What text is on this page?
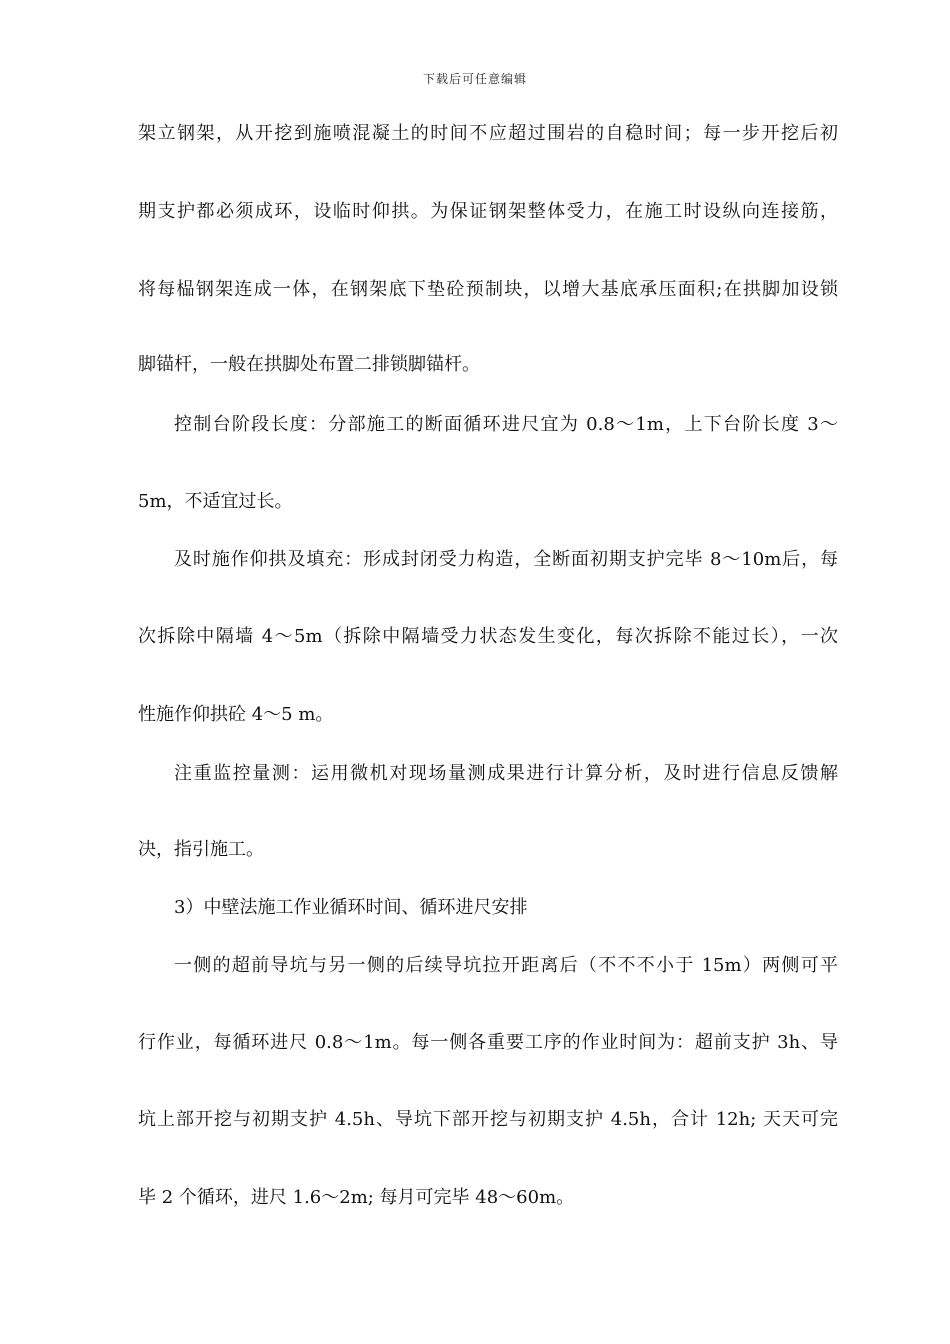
下载后可任意编辑
架立钢架，从开挖到施喷混凝土的时间不应超过围岩的自稳时间；每一步开挖后初
期支护都必须成环，设临时仰拱。为保证钢架整体受力，在施工时设纵向连接筋，
将每榀钢架连成一体，在钢架底下垫砼预制块，以增大基底承压面积;在拱脚加设锁
脚锚杆，一般在拱脚处布置二排锁脚锚杆。
控制台阶段长度：分部施工的断面循环进尺宜为 0.8～1m，上下台阶长度 3～
5m，不适宜过长。
及时施作仰拱及填充：形成封闭受力构造，全断面初期支护完毕 8～10m后，每
次拆除中隔墙 4～5m（拆除中隔墙受力状态发生变化，每次拆除不能过长），一次
性施作仰拱砼 4～5 m。
注重监控量测：运用微机对现场量测成果进行计算分析，及时进行信息反馈解
决，指引施工。
3）中壁法施工作业循环时间、循环进尺安排
一侧的超前导坑与另一侧的后续导坑拉开距离后（不不不小于 15m）两侧可平
行作业，每循环进尺 0.8～1m。每一侧各重要工序的作业时间为：超前支护 3h、导
坑上部开挖与初期支护 4.5h、导坑下部开挖与初期支护 4.5h，合计 12h; 天天可完
毕 2 个循环，进尺 1.6～2m; 每月可完毕 48～60m。
